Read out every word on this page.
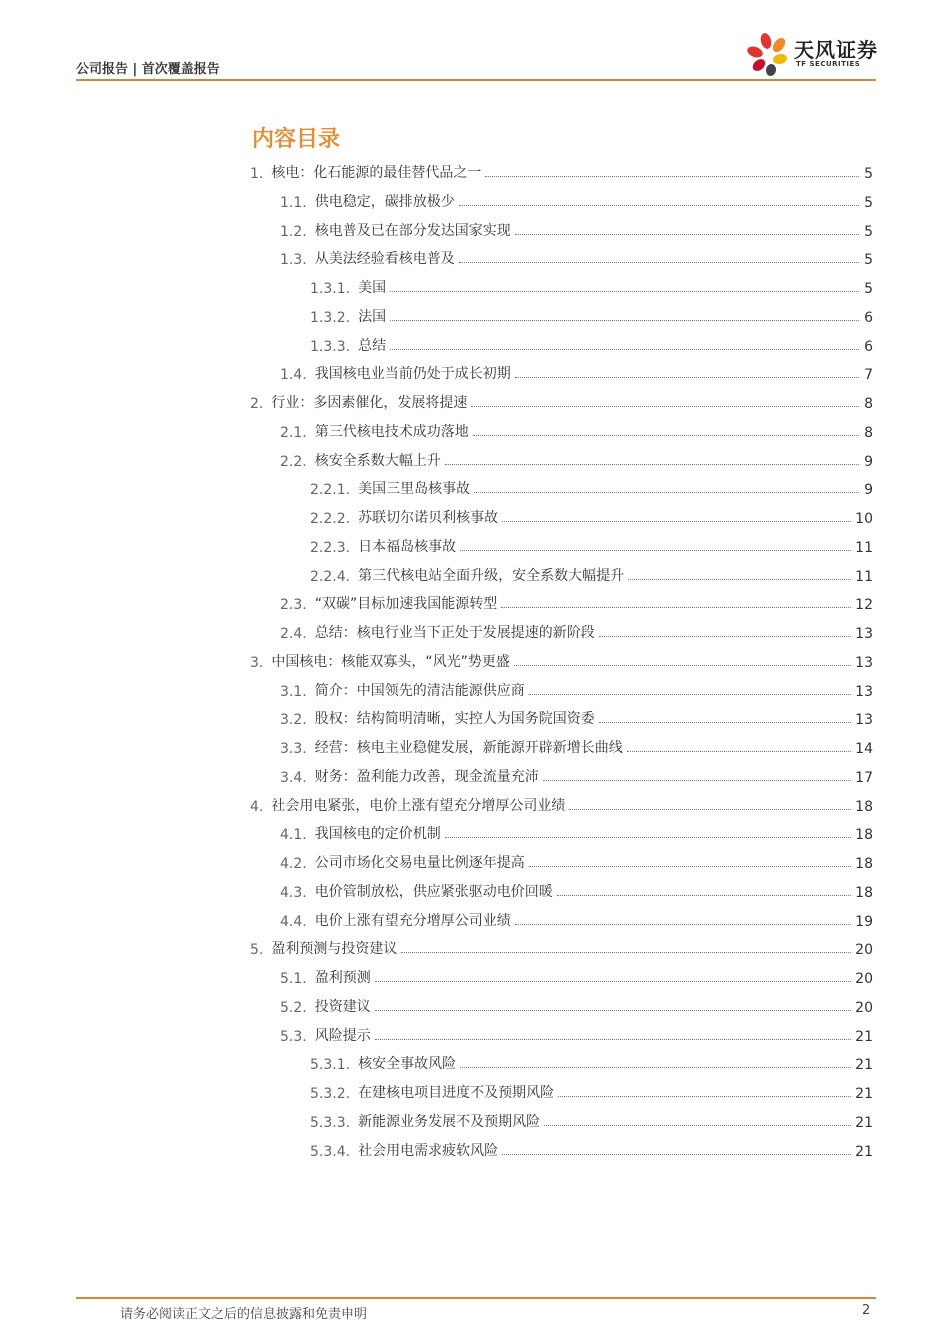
公司报告 | 首次覆盖报告
天风证券
TF SECURITIES
内容目录
1. 核电：化石能源的最佳替代品之一	5
1.1. 供电稳定，碳排放极少	5
1.2. 核电普及已在部分发达国家实现	5
1.3. 从美法经验看核电普及	5
1.3.1. 美国	5
1.3.2. 法国	6
1.3.3. 总结	6
1.4. 我国核电业当前仍处于成长初期	7
2. 行业：多因素催化，发展将提速	8
2.1. 第三代核电技术成功落地	8
2.2. 核安全系数大幅上升	9
2.2.1. 美国三里岛核事故	9
2.2.2. 苏联切尔诺贝利核事故	10
2.2.3. 日本福岛核事故	11
2.2.4. 第三代核电站全面升级，安全系数大幅提升	11
2.3. “双碳”目标加速我国能源转型	12
2.4. 总结：核电行业当下正处于发展提速的新阶段	13
3. 中国核电：核能双寡头，“风光”势更盛	13
3.1. 简介：中国领先的清洁能源供应商	13
3.2. 股权：结构简明清晰，实控人为国务院国资委	13
3.3. 经营：核电主业稳健发展，新能源开辟新增长曲线	14
3.4. 财务：盈利能力改善，现金流量充沛	17
4. 社会用电紧张，电价上涨有望充分增厚公司业绩	18
4.1. 我国核电的定价机制	18
4.2. 公司市场化交易电量比例逐年提高	18
4.3. 电价管制放松，供应紧张驱动电价回暖	18
4.4. 电价上涨有望充分增厚公司业绩	19
5. 盈利预测与投资建议	20
5.1. 盈利预测	20
5.2. 投资建议	20
5.3. 风险提示	21
5.3.1. 核安全事故风险	21
5.3.2. 在建核电项目进度不及预期风险	21
5.3.3. 新能源业务发展不及预期风险	21
5.3.4. 社会用电需求疲软风险	21
请务必阅读正文之后的信息披露和免责申明	2
